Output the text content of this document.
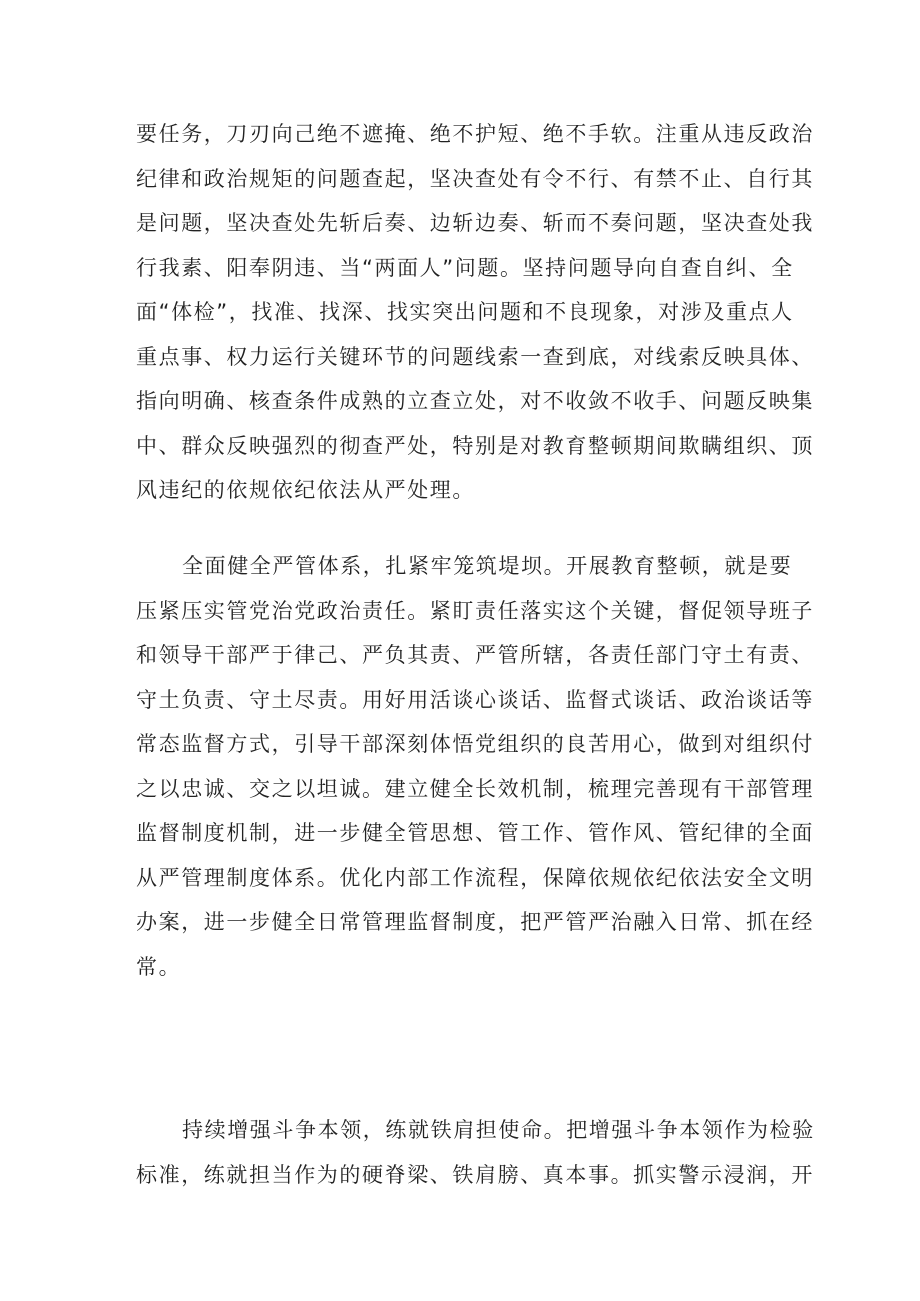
要任务，刀刃向己绝不遮掩、绝不护短、绝不手软。注重从违反政治
纪律和政治规矩的问题查起，坚决查处有令不行、有禁不止、自行其
是问题，坚决查处先斩后奏、边斩边奏、斩而不奏问题，坚决查处我
行我素、阳奉阴违、当“两面人”问题。坚持问题导向自查自纠、全
面“体检”，找准、找深、找实突出问题和不良现象，对涉及重点人
重点事、权力运行关键环节的问题线索一查到底，对线索反映具体、
指向明确、核查条件成熟的立查立处，对不收敛不收手、问题反映集
中、群众反映强烈的彻查严处，特别是对教育整顿期间欺瞒组织、顶
风违纪的依规依纪依法从严处理。
全面健全严管体系，扎紧牢笼筑堤坝。开展教育整顿，就是要
压紧压实管党治党政治责任。紧盯责任落实这个关键，督促领导班子
和领导干部严于律己、严负其责、严管所辖，各责任部门守土有责、
守土负责、守土尽责。用好用活谈心谈话、监督式谈话、政治谈话等
常态监督方式，引导干部深刻体悟党组织的良苦用心，做到对组织付
之以忠诚、交之以坦诚。建立健全长效机制，梳理完善现有干部管理
监督制度机制，进一步健全管思想、管工作、管作风、管纪律的全面
从严管理制度体系。优化内部工作流程，保障依规依纪依法安全文明
办案，进一步健全日常管理监督制度，把严管严治融入日常、抓在经
常。
持续增强斗争本领，练就铁肩担使命。把增强斗争本领作为检验
标准，练就担当作为的硬脊梁、铁肩膀、真本事。抓实警示浸润，开
